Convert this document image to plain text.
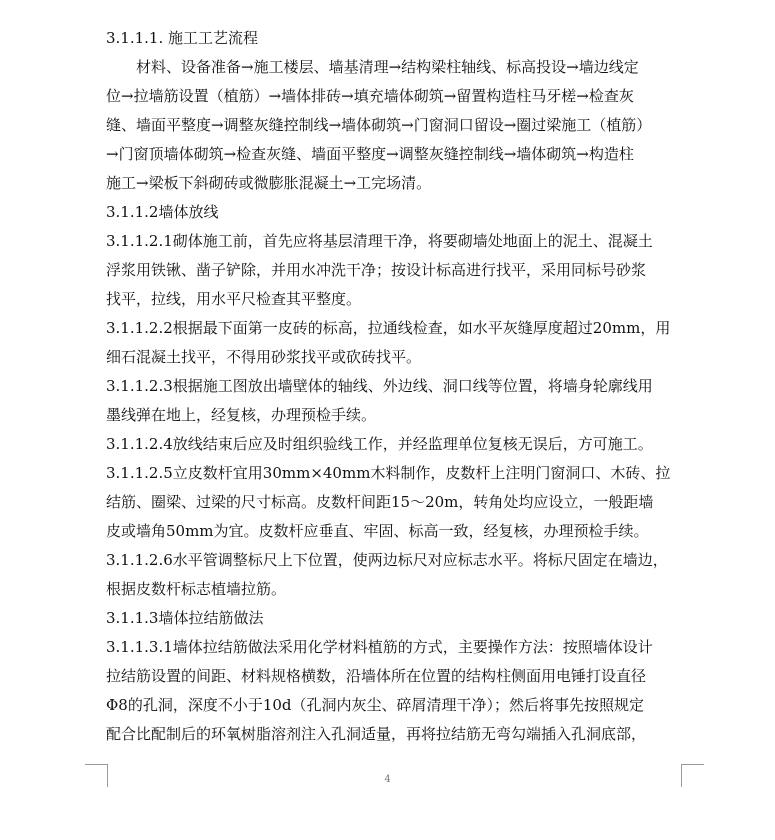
3.1.1.1. 施工工艺流程
材料、设备准备→施工楼层、墙基清理→结构梁柱轴线、标高投设→墙边线定
位→拉墙筋设置（植筋）→墙体排砖→填充墙体砌筑→留置构造柱马牙槎→检查灰
缝、墙面平整度→调整灰缝控制线→墙体砌筑→门窗洞口留设→圈过梁施工（植筋）
→门窗顶墙体砌筑→检查灰缝、墙面平整度→调整灰缝控制线→墙体砌筑→构造柱
施工→梁板下斜砌砖或微膨胀混凝土→工完场清。
3.1.1.2墙体放线
3.1.1.2.1砌体施工前，首先应将基层清理干净，将要砌墙处地面上的泥土、混凝土
浮浆用铁锹、凿子铲除，并用水冲洗干净；按设计标高进行找平，采用同标号砂浆
找平，拉线，用水平尺检查其平整度。
3.1.1.2.2根据最下面第一皮砖的标高，拉通线检查，如水平灰缝厚度超过20mm，用
细石混凝土找平，不得用砂浆找平或砍砖找平。
3.1.1.2.3根据施工图放出墙壁体的轴线、外边线、洞口线等位置，将墙身轮廓线用
墨线弹在地上，经复核，办理预检手续。
3.1.1.2.4放线结束后应及时组织验线工作，并经监理单位复核无误后，方可施工。
3.1.1.2.5立皮数杆宜用30mm×40mm木料制作，皮数杆上注明门窗洞口、木砖、拉
结筋、圈梁、过梁的尺寸标高。皮数杆间距15～20m，转角处均应设立，一般距墙
皮或墙角50mm为宜。皮数杆应垂直、牢固、标高一致，经复核，办理预检手续。
3.1.1.2.6水平管调整标尺上下位置，使两边标尺对应标志水平。将标尺固定在墙边，
根据皮数杆标志植墙拉筋。
3.1.1.3墙体拉结筋做法
3.1.1.3.1墙体拉结筋做法采用化学材料植筋的方式，主要操作方法：按照墙体设计
拉结筋设置的间距、材料规格横数，沿墙体所在位置的结构柱侧面用电锤打设直径
Φ8的孔洞，深度不小于10d（孔洞内灰尘、碎屑清理干净）；然后将事先按照规定
配合比配制后的环氧树脂溶剂注入孔洞适量，再将拉结筋无弯勾端插入孔洞底部，
4
